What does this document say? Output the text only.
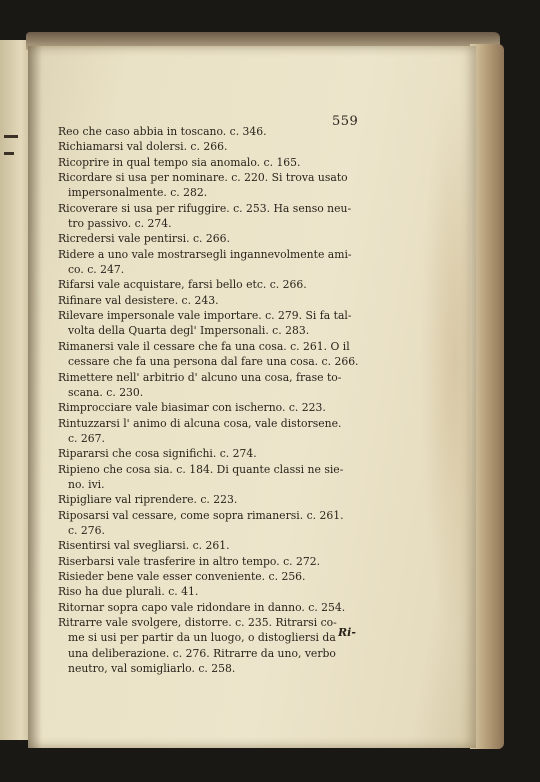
559
Reo che caso abbia in toscano. c. 346.
Richiamarsi val dolersi. c. 266.
Ricoprire in qual tempo sia anomalo. c. 165.
Ricordare si usa per nominare. c. 220. Si trova usato
impersonalmente. c. 282.
Ricoverare si usa per rifuggire. c. 253. Ha senso neu-
tro passivo. c. 274.
Ricredersi vale pentirsi. c. 266.
Ridere a uno vale mostrarsegli ingannevolmente ami-
co. c. 247.
Rifarsi vale acquistare, farsi bello etc. c. 266.
Rifinare val desistere. c. 243.
Rilevare impersonale vale importare. c. 279. Si fa tal-
volta della Quarta degl' Impersonali. c. 283.
Rimanersi vale il cessare che fa una cosa. c. 261. O il
cessare che fa una persona dal fare una cosa. c. 266.
Rimettere nell' arbitrio d' alcuno una cosa, frase to-
scana. c. 230.
Rimprocciare vale biasimar con ischerno. c. 223.
Rintuzzarsi l' animo di alcuna cosa, vale distorsene.
c. 267.
Ripararsi che cosa significhi. c. 274.
Ripieno che cosa sia. c. 184. Di quante classi ne sie-
no. ivi.
Ripigliare val riprendere. c. 223.
Riposarsi val cessare, come sopra rimanersi. c. 261.
c. 276.
Risentirsi val svegliarsi. c. 261.
Riserbarsi vale trasferire in altro tempo. c. 272.
Risieder bene vale esser conveniente. c. 256.
Riso ha due plurali. c. 41.
Ritornar sopra capo vale ridondare in danno. c. 254.
Ritrarre vale svolgere, distorre. c. 235. Ritrarsi co-
me si usi per partir da un luogo, o distogliersi da
una deliberazione. c. 276. Ritrarre da uno, verbo
neutro, val somigliarlo. c. 258.
Ri-
